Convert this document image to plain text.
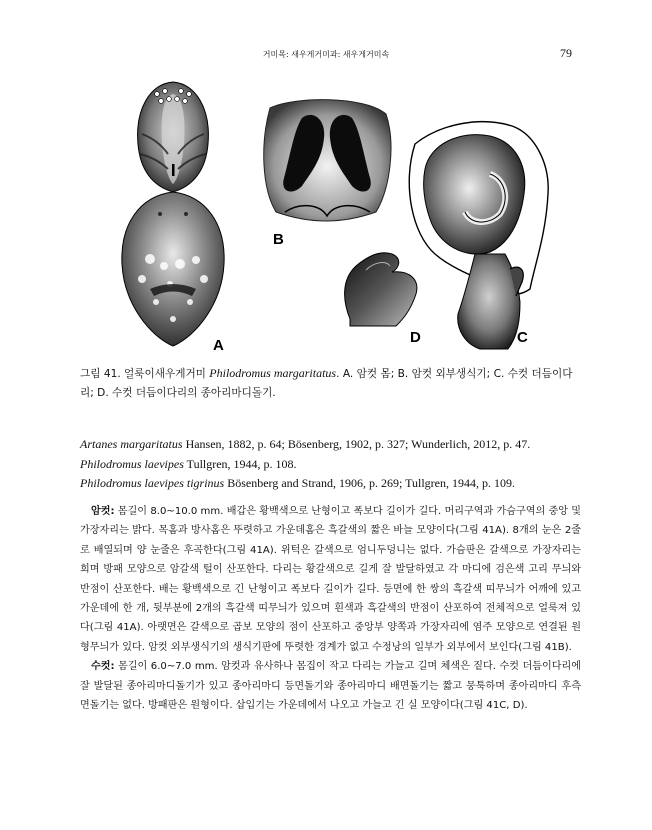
거미목: 새우게거미과: 새우게거미속	79
A
B
D	C
그림 41. 얼룩이새우게거미 Philodromus margaritatus. A. 암컷 몸; B. 암컷 외부생식기; C. 수컷 더듬이다리; D. 수컷 더듬이다리의 종아리마디돌기.
Artanes margaritatus Hansen, 1882, p. 64; Bösenberg, 1902, p. 327; Wunderlich, 2012, p. 47.
Philodromus laevipes Tullgren, 1944, p. 108.
Philodromus laevipes tigrinus Bösenberg and Strand, 1906, p. 269; Tullgren, 1944, p. 109.

암컷: 몸길이 8.0~10.0 mm. 배갑은 황백색으로 난형이고 폭보다 길이가 길다. 머리구역과 가슴구역의 중앙 및 가장자리는 밝다. 목홈과 방사홈은 뚜렷하고 가운데홈은 흑갈색의 짧은 바늘 모양이다(그림 41A). 8개의 눈은 2줄로 배열되며 양 눈줄은 후곡한다(그림 41A). 위턱은 갈색으로 엄니두덩니는 없다. 가슴판은 갈색으로 가장자리는 희며 방패 모양으로 암갈색 털이 산포한다. 다리는 황갈색으로 길게 잘 발달하였고 각 마디에 검은색 고리 무늬와 반점이 산포한다. 배는 황백색으로 긴 난형이고 폭보다 길이가 길다. 등면에 한 쌍의 흑갈색 띠무늬가 어깨에 있고 가운데에 한 개, 뒷부분에 2개의 흑갈색 띠무늬가 있으며 흰색과 흑갈색의 반점이 산포하여 전체적으로 얼룩져 있다(그림 41A). 아랫면은 갈색으로 곱보 모양의 점이 산포하고 중앙부 양쪽과 가장자리에 염주 모양으로 연결된 원형무늬가 있다. 암컷 외부생식기의 생식기판에 뚜렷한 경계가 없고 수정낭의 일부가 외부에서 보인다(그림 41B).

수컷: 몸길이 6.0~7.0 mm. 암컷과 유사하나 몸집이 작고 다리는 가늘고 길며 체색은 짙다. 수컷 더듬이다리에 잘 발달된 종아리마디돌기가 있고 종아리마디 등면돌기와 종아리마디 배면돌기는 짧고 뭉툭하며 종아리마디 후측면돌기는 없다. 방패판은 원형이다. 삽입기는 가운데에서 나오고 가늘고 긴 실 모양이다(그림 41C, D).
